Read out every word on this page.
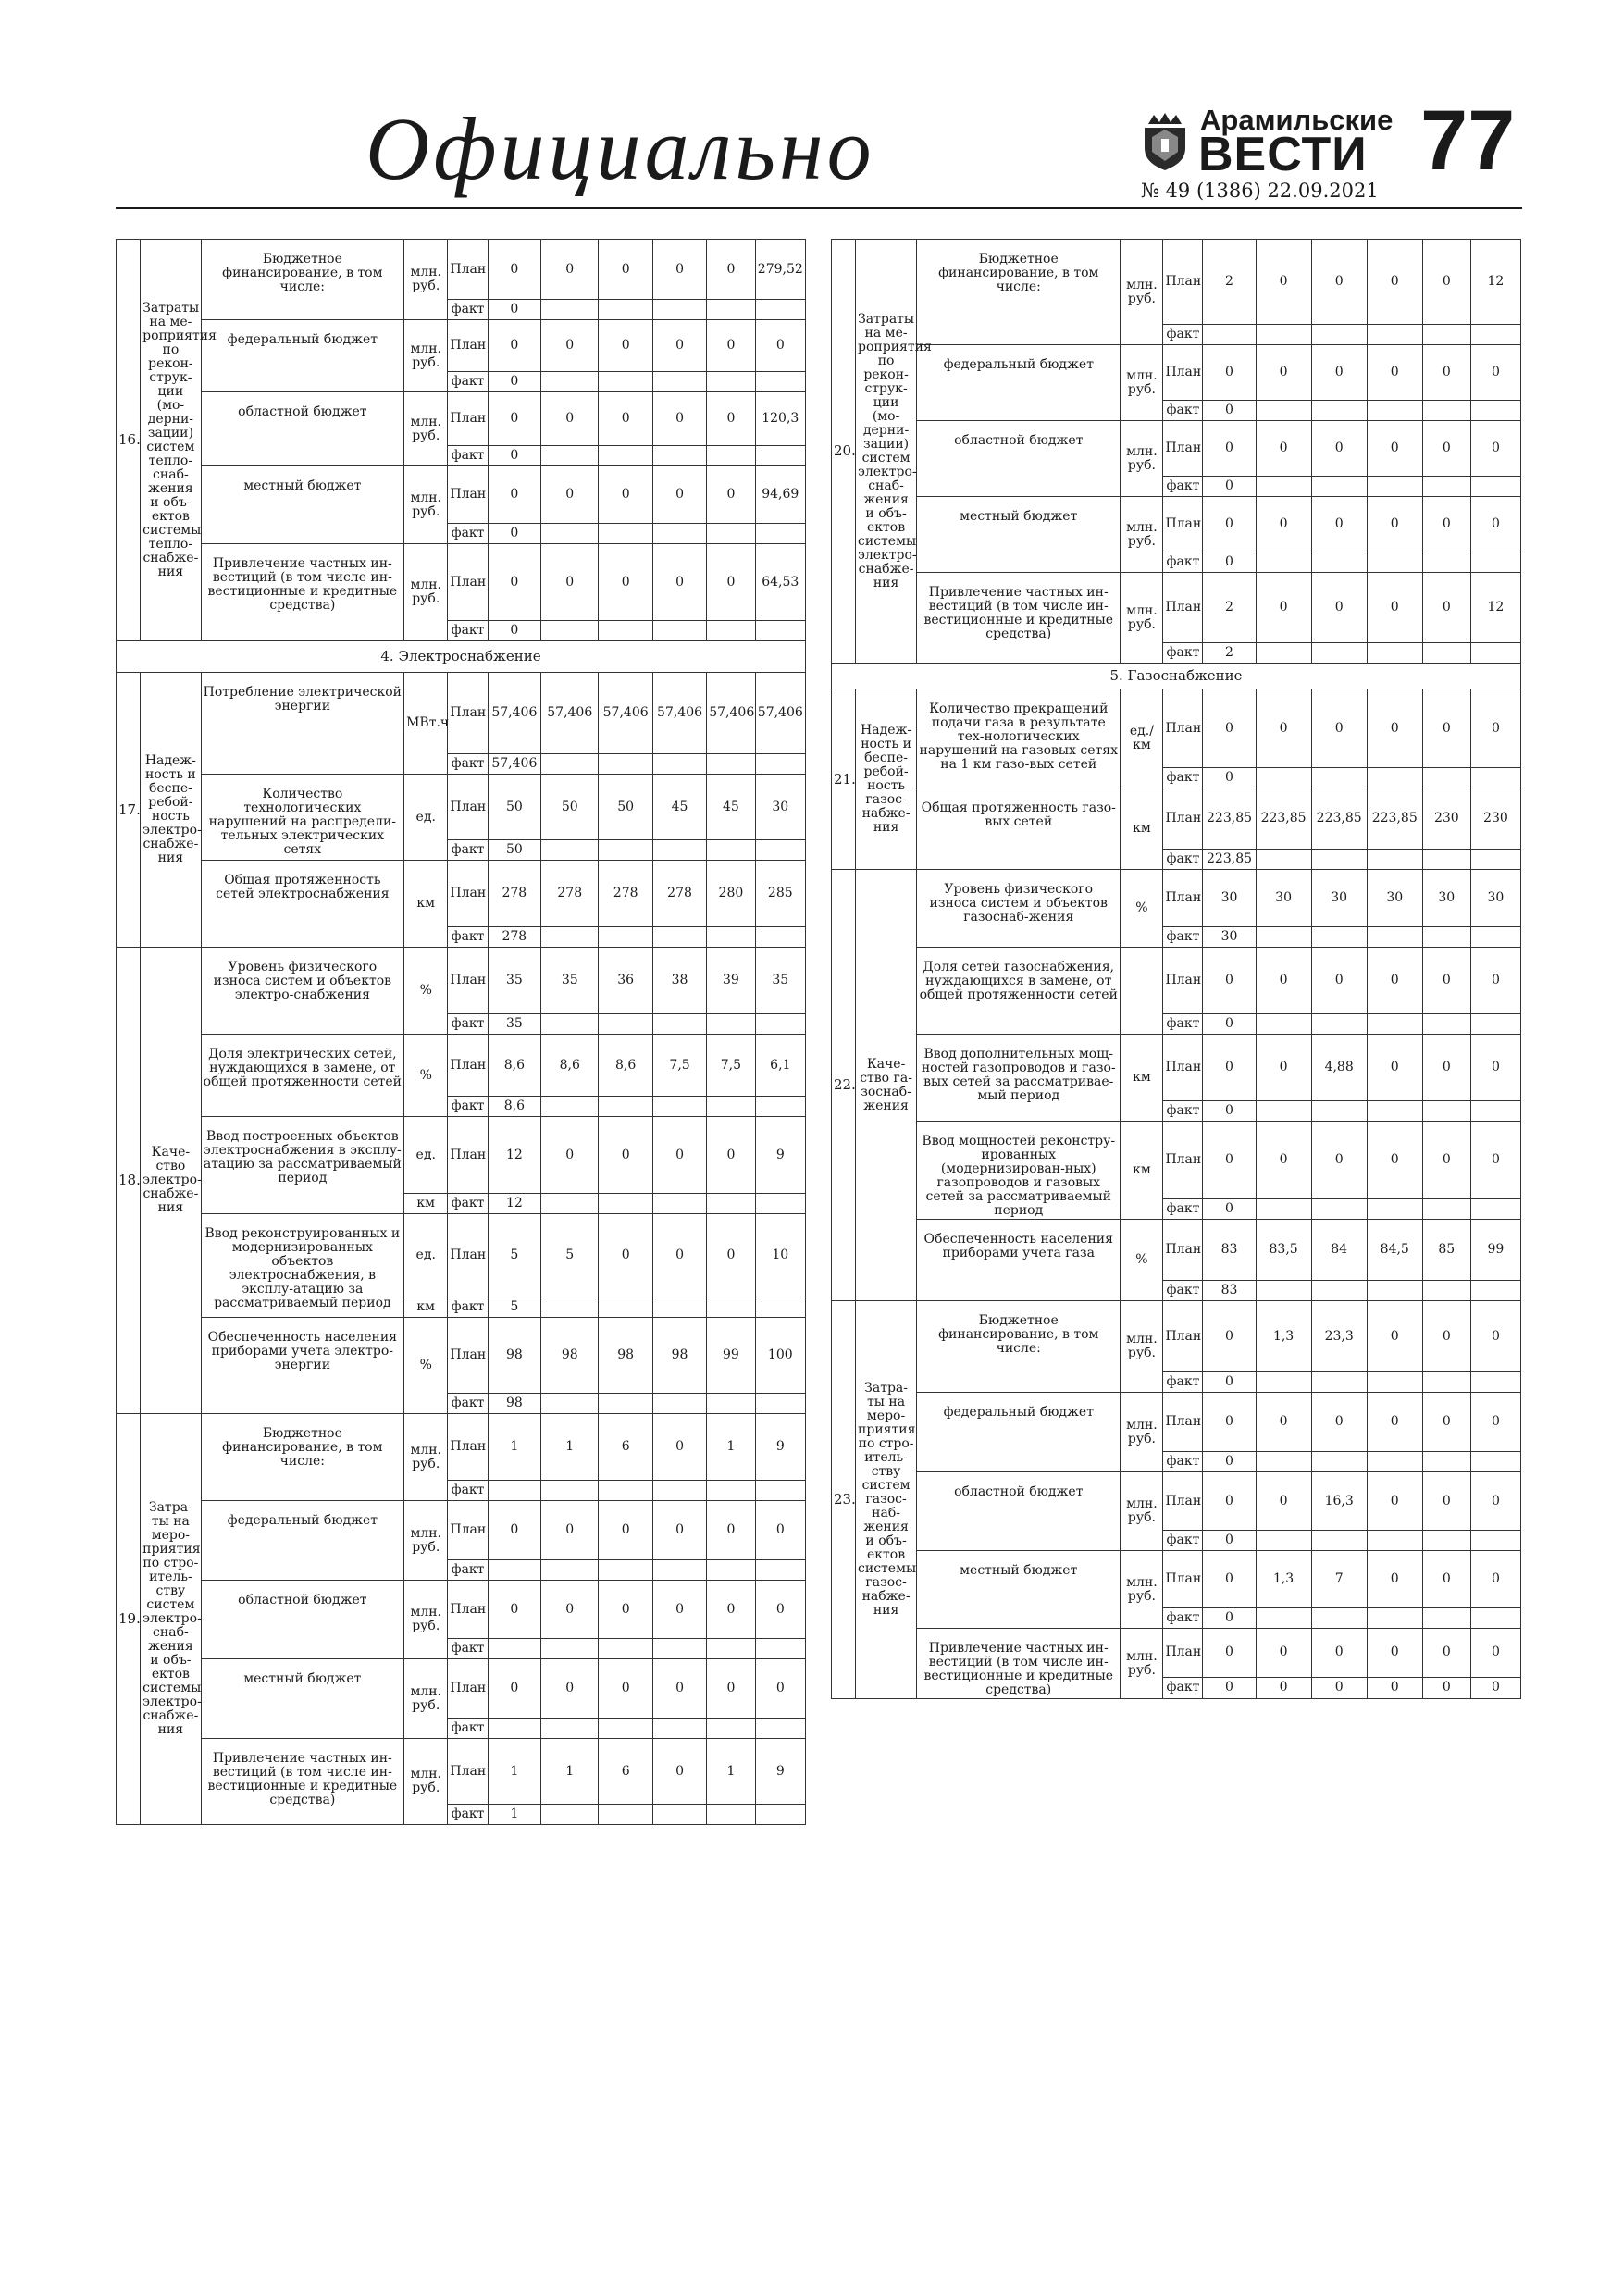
Официально	Арамильские
ВЕСТИ
№ 49 (1386) 22.09.2021
77
16.	Затраты на ме-роприятия по рекон-струк-ции (мо-дерни-зации) систем тепло-снаб-жения и объ-ектов системы тепло-снабже-ния	Бюджетное финансирование, в том числе:	млн. руб.	План	0	0	0	0	0	279,52
				факт	0					
		федеральный бюджет	млн. руб.	План	0	0	0	0	0	0
				факт	0					
		областной бюджет	млн. руб.	План	0	0	0	0	0	120,3
				факт	0					
		местный бюджет	млн. руб.	План	0	0	0	0	0	94,69
				факт	0					
		Привлечение частных ин-вестиций (в том числе ин-вестиционные и кредитные средства)	млн. руб.	План	0	0	0	0	0	64,53
				факт	0					
4. Электроснабжение										
17.	Надеж-ность и беспе-ребой-ность электро-снабже-ния	Потребление электрической энергии	МВт.ч	План	57,406	57,406	57,406	57,406	57,406	57,406
				факт	57,406					
		Количество технологических нарушений на распредели-тельных электрических сетях	ед.	План	50	50	50	45	45	30
				факт	50					
		Общая протяженность сетей электроснабжения	км	План	278	278	278	278	280	285
				факт	278					
18.	Каче-ство электро-снабже-ния	Уровень физического износа систем и объектов электро-снабжения	%	План	35	35	36	38	39	35
				факт	35					
		Доля электрических сетей, нуждающихся в замене, от общей протяженности сетей	%	План	8,6	8,6	8,6	7,5	7,5	6,1
				факт	8,6					
		Ввод построенных объектов электроснабжения в эксплу-атацию за рассматриваемый период	ед.	План	12	0	0	0	0	9
			км	факт	12					
		Ввод реконструированных и модернизированных объектов электроснабжения, в эксплу-атацию за рассматриваемый период	ед.	План	5	5	0	0	0	10
			км	факт	5					
		Обеспеченность населения приборами учета электро-энергии	%	План	98	98	98	98	99	100
				факт	98					
19.	Затра-ты на меро-приятия по стро-итель-ству систем электро-снаб-жения и объ-ектов системы электро-снабже-ния	Бюджетное финансирование, в том числе:	млн. руб.	План	1	1	6	0	1	9
				факт						
		федеральный бюджет	млн. руб.	План	0	0	0	0	0	0
				факт						
		областной бюджет	млн. руб.	План	0	0	0	0	0	0
				факт						
		местный бюджет	млн. руб.	План	0	0	0	0	0	0
				факт						
		Привлечение частных ин-вестиций (в том числе ин-вестиционные и кредитные средства)	млн. руб.	План	1	1	6	0	1	9
				факт	1					
20.	Затраты на ме-роприятия по рекон-струк-ции (мо-дерни-зации) систем электро-снаб-жения и объ-ектов системы электро-снабже-ния	Бюджетное финансирование, в том числе:	млн. руб.	План	2	0	0	0	0	12
				факт						
		федеральный бюджет	млн. руб.	План	0	0	0	0	0	0
				факт	0					
		областной бюджет	млн. руб.	План	0	0	0	0	0	0
				факт	0					
		местный бюджет	млн. руб.	План	0	0	0	0	0	0
				факт	0					
		Привлечение частных ин-вестиций (в том числе ин-вестиционные и кредитные средства)	млн. руб.	План	2	0	0	0	0	12
				факт	2					
5. Газоснабжение										
21.	Надеж-ность и беспе-ребой-ность газос-набже-ния	Количество прекращений подачи газа в результате тех-нологических нарушений на газовых сетях на 1 км газо-вых сетей	ед./км	План	0	0	0	0	0	0
				факт	0					
		Общая протяженность газо-вых сетей	км	План	223,85	223,85	223,85	223,85	230	230
				факт	223,85					
22.	Каче-ство га-зоснаб-жения	Уровень физического износа систем и объектов газоснаб-жения	%	План	30	30	30	30	30	30
				факт	30					
		Доля сетей газоснабжения, нуждающихся в замене, от общей протяженности сетей		План	0	0	0	0	0	0
				факт	0					
		Ввод дополнительных мощ-ностей газопроводов и газо-вых сетей за рассматривае-мый период	км	План	0	0	4,88	0	0	0
				факт	0					
		Ввод мощностей реконстру-ированных (модернизирован-ных) газопроводов и газовых сетей за рассматриваемый период	км	План	0	0	0	0	0	0
				факт	0					
		Обеспеченность населения приборами учета газа	%	План	83	83,5	84	84,5	85	99
				факт	83					
23.	Затра-ты на меро-приятия по стро-итель-ству систем газос-наб-жения и объ-ектов системы газос-набже-ния	Бюджетное финансирование, в том числе:	млн. руб.	План	0	1,3	23,3	0	0	0
				факт	0					
		федеральный бюджет	млн. руб.	План	0	0	0	0	0	0
				факт	0					
		областной бюджет	млн. руб.	План	0	0	16,3	0	0	0
				факт	0					
		местный бюджет	млн. руб.	План	0	1,3	7	0	0	0
				факт	0					
		Привлечение частных ин-вестиций (в том числе ин-вестиционные и кредитные средства)	млн. руб.	План	0	0	0	0	0	0
				факт	0	0	0	0	0	0
